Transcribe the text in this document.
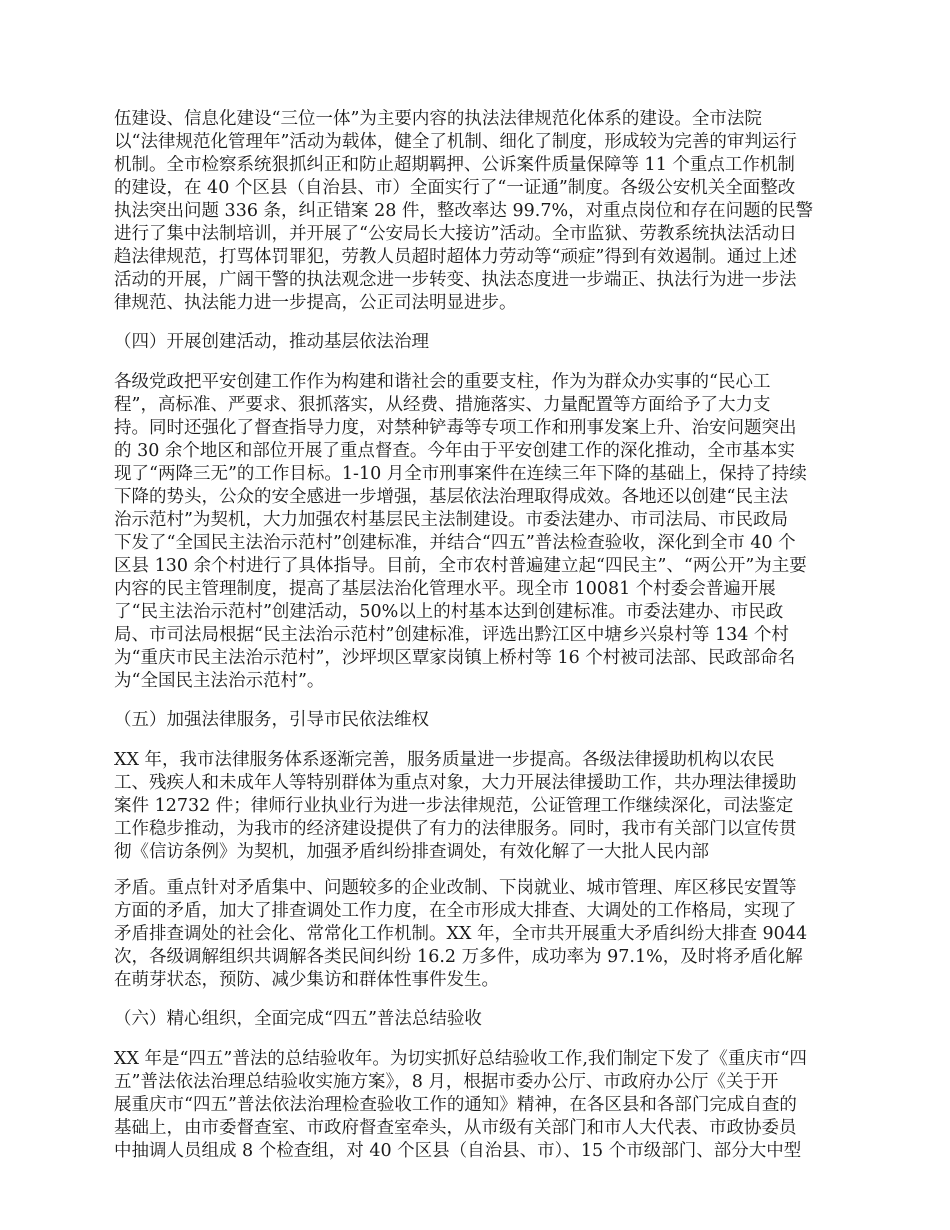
伍建设、信息化建设“三位一体”为主要内容的执法法律规范化体系的建设。全市法院
以“法律规范化管理年”活动为载体，健全了机制、细化了制度，形成较为完善的审判运行
机制。全市检察系统狠抓纠正和防止超期羁押、公诉案件质量保障等 11 个重点工作机制
的建设，在 40 个区县（自治县、市）全面实行了“一证通”制度。各级公安机关全面整改
执法突出问题 336 条，纠正错案 28 件，整改率达 99.7%，对重点岗位和存在问题的民警
进行了集中法制培训，并开展了“公安局长大接访”活动。全市监狱、劳教系统执法活动日
趋法律规范，打骂体罚罪犯，劳教人员超时超体力劳动等“顽症”得到有效遏制。通过上述
活动的开展，广阔干警的执法观念进一步转变、执法态度进一步端正、执法行为进一步法
律规范、执法能力进一步提高，公正司法明显进步。

（四）开展创建活动，推动基层依法治理

各级党政把平安创建工作作为构建和谐社会的重要支柱，作为为群众办实事的“民心工
程”，高标准、严要求、狠抓落实，从经费、措施落实、力量配置等方面给予了大力支
持。同时还强化了督查指导力度，对禁种铲毒等专项工作和刑事发案上升、治安问题突出
的 30 余个地区和部位开展了重点督查。今年由于平安创建工作的深化推动，全市基本实
现了“两降三无”的工作目标。1-10 月全市刑事案件在连续三年下降的基础上，保持了持续
下降的势头，公众的安全感进一步增强，基层依法治理取得成效。各地还以创建“民主法
治示范村”为契机，大力加强农村基层民主法制建设。市委法建办、市司法局、市民政局
下发了“全国民主法治示范村”创建标准，并结合“四五”普法检查验收，深化到全市 40 个
区县 130 余个村进行了具体指导。目前，全市农村普遍建立起“四民主”、“两公开”为主要
内容的民主管理制度，提高了基层法治化管理水平。现全市 10081 个村委会普遍开展
了“民主法治示范村”创建活动，50%以上的村基本达到创建标准。市委法建办、市民政
局、市司法局根据“民主法治示范村”创建标准，评选出黔江区中塘乡兴泉村等 134 个村
为“重庆市民主法治示范村”，沙坪坝区覃家岗镇上桥村等 16 个村被司法部、民政部命名
为“全国民主法治示范村”。

（五）加强法律服务，引导市民依法维权

XX 年，我市法律服务体系逐渐完善，服务质量进一步提高。各级法律援助机构以农民
工、残疾人和未成年人等特别群体为重点对象，大力开展法律援助工作，共办理法律援助
案件 12732 件；律师行业执业行为进一步法律规范，公证管理工作继续深化，司法鉴定
工作稳步推动，为我市的经济建设提供了有力的法律服务。同时，我市有关部门以宣传贯
彻《信访条例》为契机，加强矛盾纠纷排查调处，有效化解了一大批人民内部

矛盾。重点针对矛盾集中、问题较多的企业改制、下岗就业、城市管理、库区移民安置等
方面的矛盾，加大了排查调处工作力度，在全市形成大排查、大调处的工作格局，实现了
矛盾排查调处的社会化、常常化工作机制。XX 年，全市共开展重大矛盾纠纷大排查 9044
次，各级调解组织共调解各类民间纠纷 16.2 万多件，成功率为 97.1%，及时将矛盾化解
在萌芽状态，预防、减少集访和群体性事件发生。

（六）精心组织，全面完成“四五”普法总结验收

XX 年是“四五”普法的总结验收年。为切实抓好总结验收工作,我们制定下发了《重庆市“四
五”普法依法治理总结验收实施方案》，8 月，根据市委办公厅、市政府办公厅《关于开
展重庆市“四五”普法依法治理检查验收工作的通知》精神，在各区县和各部门完成自查的
基础上，由市委督查室、市政府督查室牵头，从市级有关部门和市人大代表、市政协委员
中抽调人员组成 8 个检查组，对 40 个区县（自治县、市）、15 个市级部门、部分大中型
